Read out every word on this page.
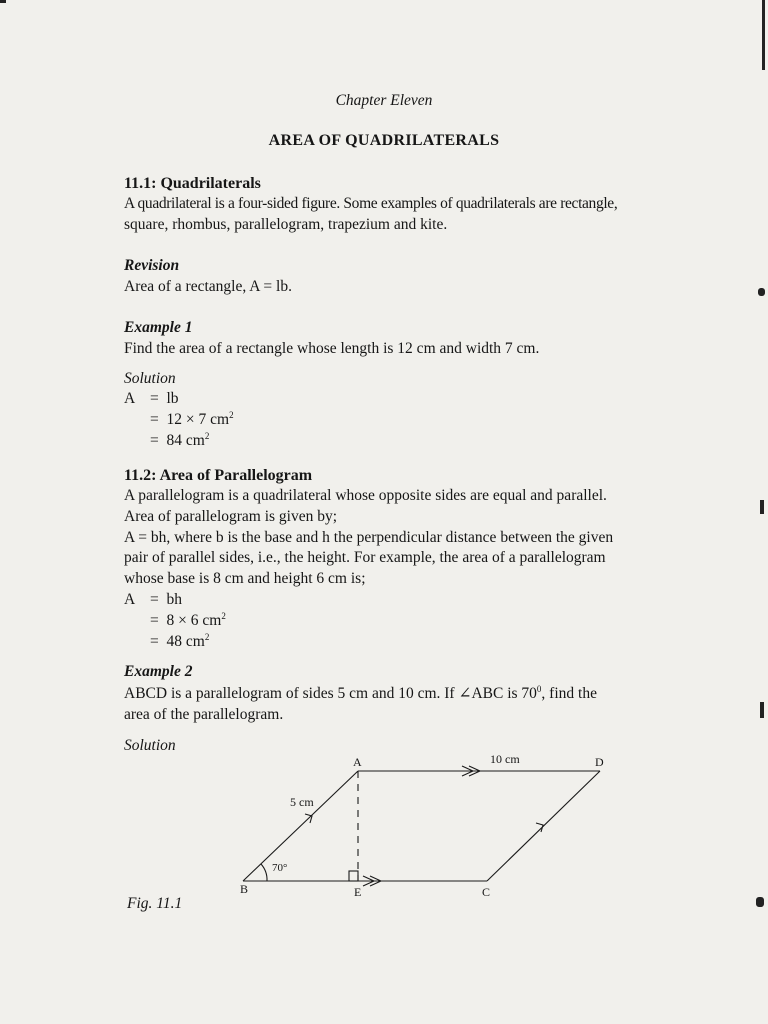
Chapter Eleven
AREA OF QUADRILATERALS
11.1: Quadrilaterals
A quadrilateral is a four-sided figure. Some examples of quadrilaterals are rectangle,
square, rhombus, parallelogram, trapezium and kite.
Revision
Area of a rectangle, A = lb.
Example 1
Find the area of a rectangle whose length is 12 cm and width 7 cm.
Solution
A = lb
= 12 × 7 $cm^2$
= 84 $cm^2$
11.2: Area of Parallelogram
A parallelogram is a quadrilateral whose opposite sides are equal and parallel.
Area of parallelogram is given by;
A = bh, where b is the base and h the perpendicular distance between the given
pair of parallel sides, i.e., the height. For example, the area of a parallelogram
whose base is 8 cm and height 6 cm is;
A = bh
= 8 × 6 $cm^2$
= 48 $cm^2$
Example 2
ABCD is a parallelogram of sides 5 cm and 10 cm. If ∠ABC is $70^0$, find the
area of the parallelogram.
Solution
A	D
B	E	C
10 cm
5 cm
70°
Fig. 11.1
